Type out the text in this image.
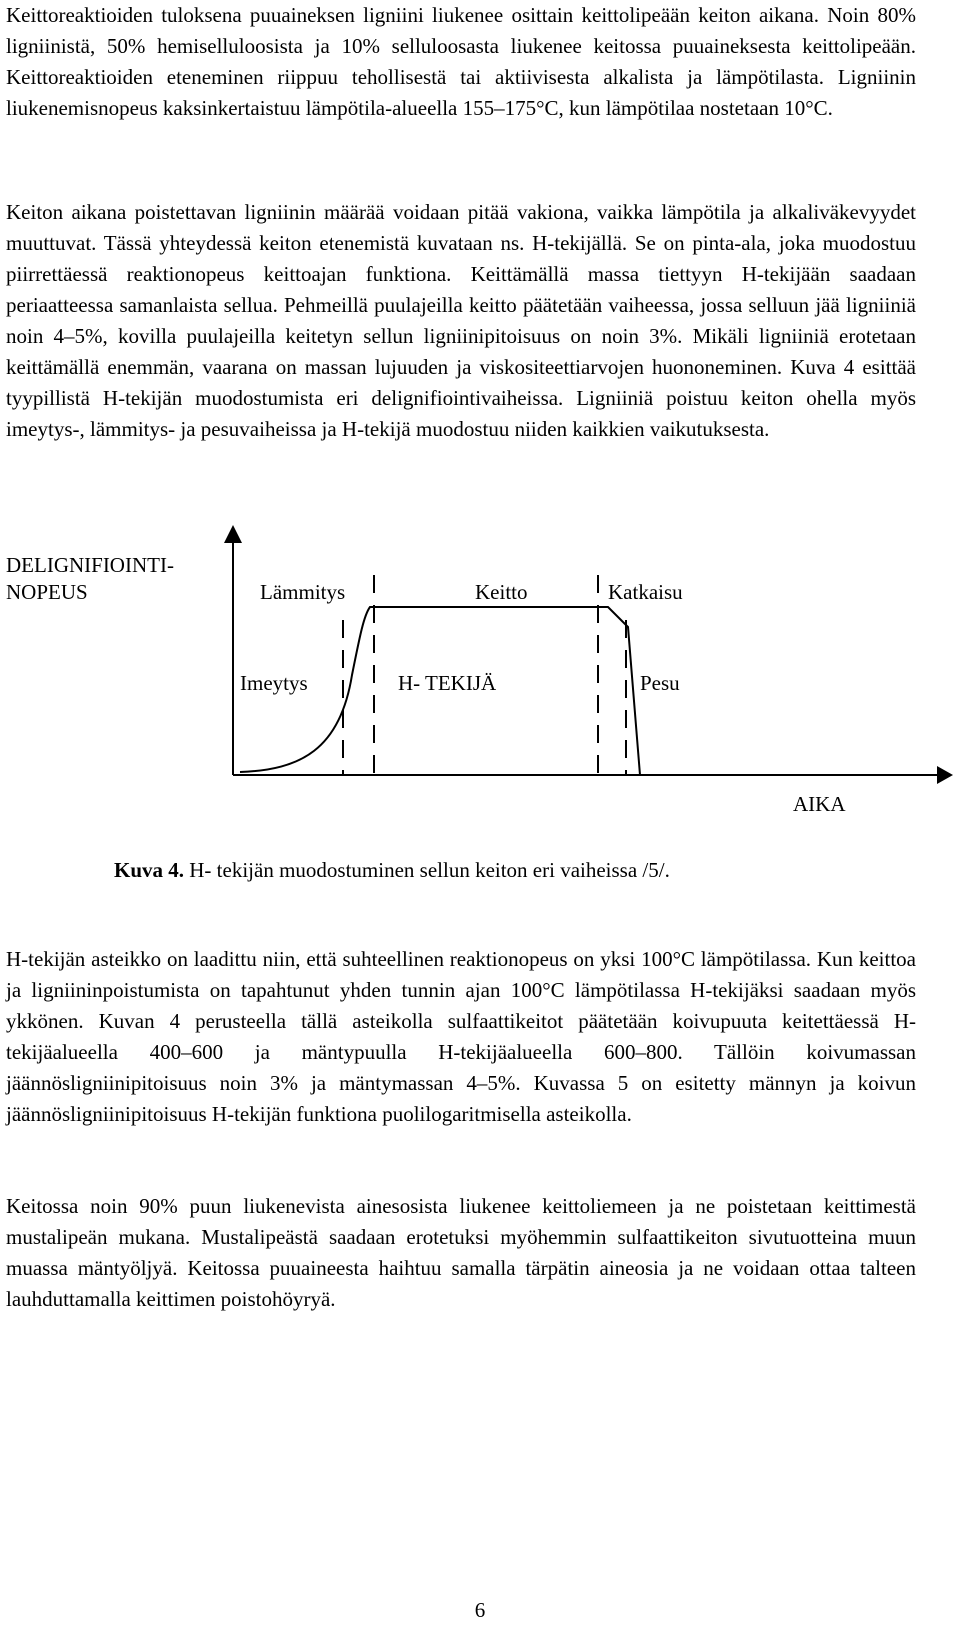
Keittoreaktioiden tuloksena puuaineksen ligniini liukenee osittain keittolipeään keiton aikana. Noin 80% ligniinistä, 50% hemiselluloosista ja 10% selluloosasta liukenee keitossa puuaineksesta keittolipeään. Keittoreaktioiden eteneminen riippuu tehollisestä tai aktiivisesta alkalista ja lämpötilasta. Ligniinin liukenemisnopeus kaksinkertaistuu lämpötila-alueella 155–175°C, kun lämpötilaa nostetaan 10°C.

Keiton aikana poistettavan ligniinin määrää voidaan pitää vakiona, vaikka lämpötila ja alkaliväkevyydet muuttuvat. Tässä yhteydessä keiton etenemistä kuvataan ns. H-tekijällä. Se on pinta-ala, joka muodostuu piirrettäessä reaktionopeus keittoajan funktiona. Keittämällä massa tiettyyn H-tekijään saadaan periaatteessa samanlaista sellua. Pehmeillä puulajeilla keitto päätetään vaiheessa, jossa selluun jää ligniiniä noin 4–5%, kovilla puulajeilla keitetyn sellun ligniinipitoisuus on noin 3%. Mikäli ligniiniä erotetaan keittämällä enemmän, vaarana on massan lujuuden ja viskositeettiarvojen huononeminen. Kuva 4 esittää tyypillistä H-tekijän muodostumista eri delignifiointivaiheissa. Ligniiniä poistuu keiton ohella myös imeytys-, lämmitys- ja pesuvaiheissa ja H-tekijä muodostuu niiden kaikkien vaikutuksesta.

DELIGNIFIOINTI-
NOPEUS	Lämmitys	Keitto	Katkaisu
Imeytys	H- TEKIJÄ	Pesu
AIKA
Kuva 4. H- tekijän muodostuminen sellun keiton eri vaiheissa /5/.

H-tekijän asteikko on laadittu niin, että suhteellinen reaktionopeus on yksi 100°C lämpötilassa. Kun keittoa ja ligniininpoistumista on tapahtunut yhden tunnin ajan 100°C lämpötilassa H-tekijäksi saadaan myös ykkönen. Kuvan 4 perusteella tällä asteikolla sulfaattikeitot päätetään koivupuuta keitettäessä H-tekijäalueella 400–600 ja mäntypuulla H-tekijäalueella 600–800. Tällöin koivumassan jäännösligniinipitoisuus noin 3% ja mäntymassan 4–5%. Kuvassa 5 on esitetty männyn ja koivun jäännösligniinipitoisuus H-tekijän funktiona puolilogaritmisella asteikolla.

Keitossa noin 90% puun liukenevista ainesosista liukenee keittoliemeen ja ne poistetaan keittimestä mustalipeän mukana. Mustalipeästä saadaan erotetuksi myöhemmin sulfaattikeiton sivutuotteina muun muassa mäntyöljyä. Keitossa puuaineesta haihtuu samalla tärpätin aineosia ja ne voidaan ottaa talteen lauhduttamalla keittimen poistohöyryä.

6
